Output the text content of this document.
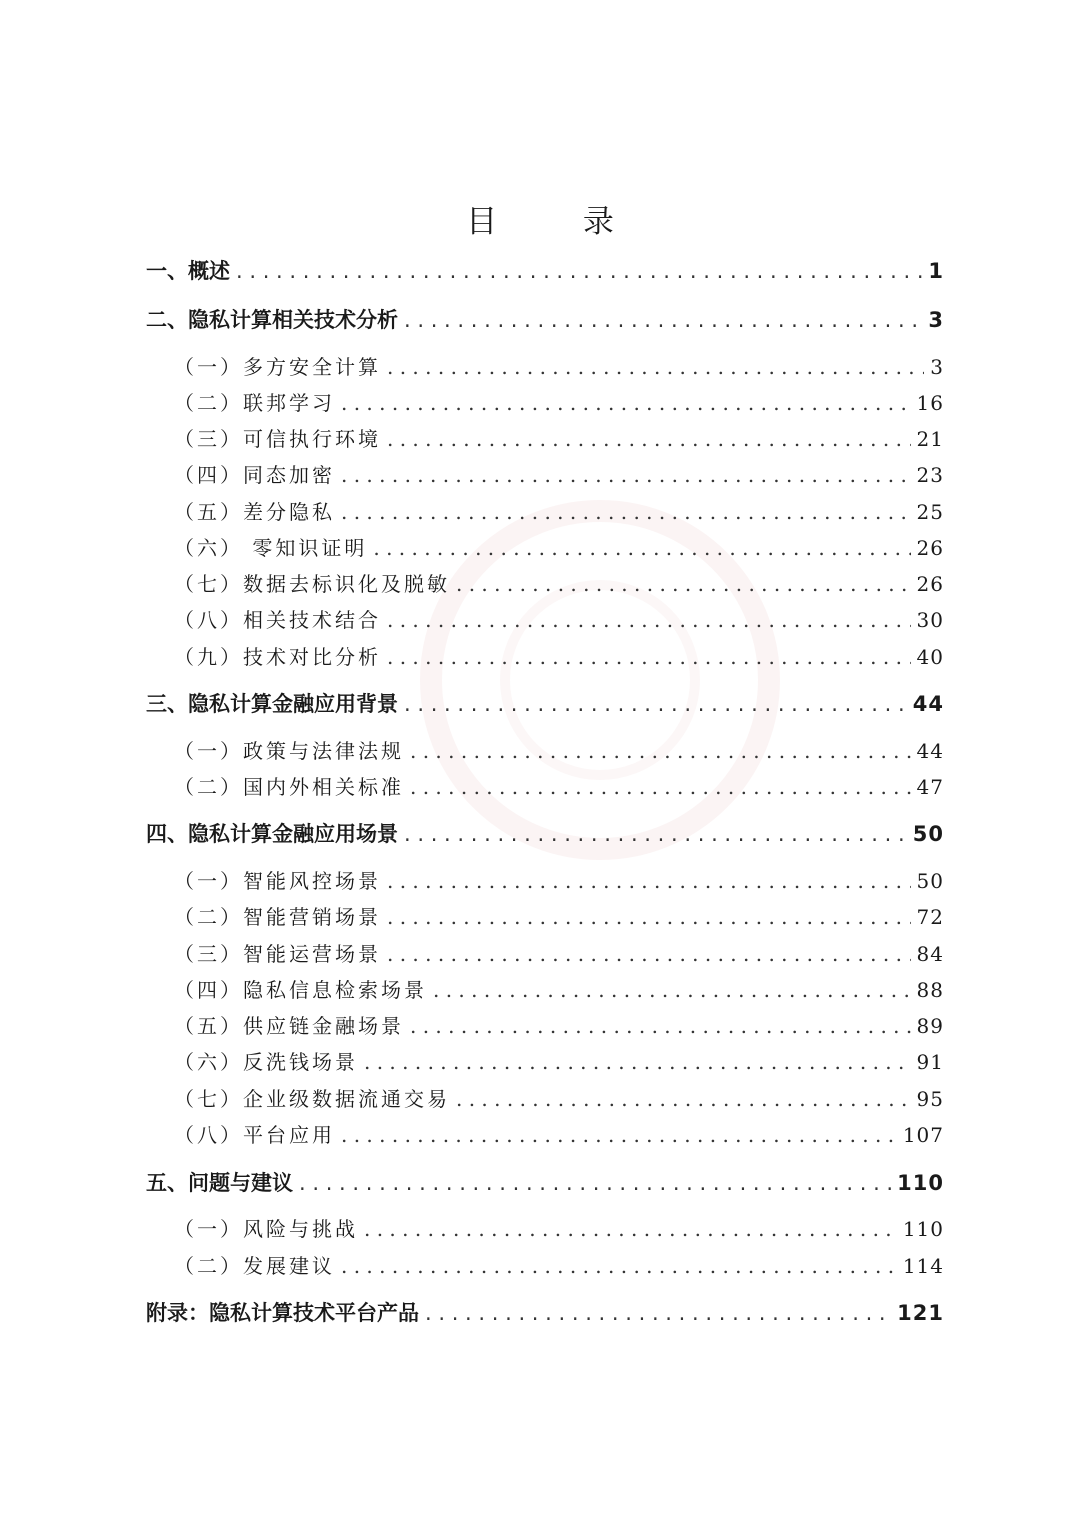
目 录
一、概述 . . .	1
二、隐私计算相关技术分析 . . .	3
（一）多方安全计算 . . .	3
（二）联邦学习 . . .	16
（三）可信执行环境 . . .	21
（四）同态加密 . . .	23
（五）差分隐私 . . .	25
（六） 零知识证明 . . .	26
（七）数据去标识化及脱敏 . . .	26
（八）相关技术结合 . . .	30
（九）技术对比分析 . . .	40
三、隐私计算金融应用背景 . . .	44
（一）政策与法律法规 . . .	44
（二）国内外相关标准 . . .	47
四、隐私计算金融应用场景 . . .	50
（一）智能风控场景 . . .	50
（二）智能营销场景 . . .	72
（三）智能运营场景 . . .	84
（四）隐私信息检索场景 . . .	88
（五）供应链金融场景 . . .	89
（六）反洗钱场景 . . .	91
（七）企业级数据流通交易 . . .	95
（八）平台应用 . . .	107
五、问题与建议 . . .	110
（一）风险与挑战 . . .	110
（二）发展建议 . . .	114
附录：隐私计算技术平台产品 . . .	121
